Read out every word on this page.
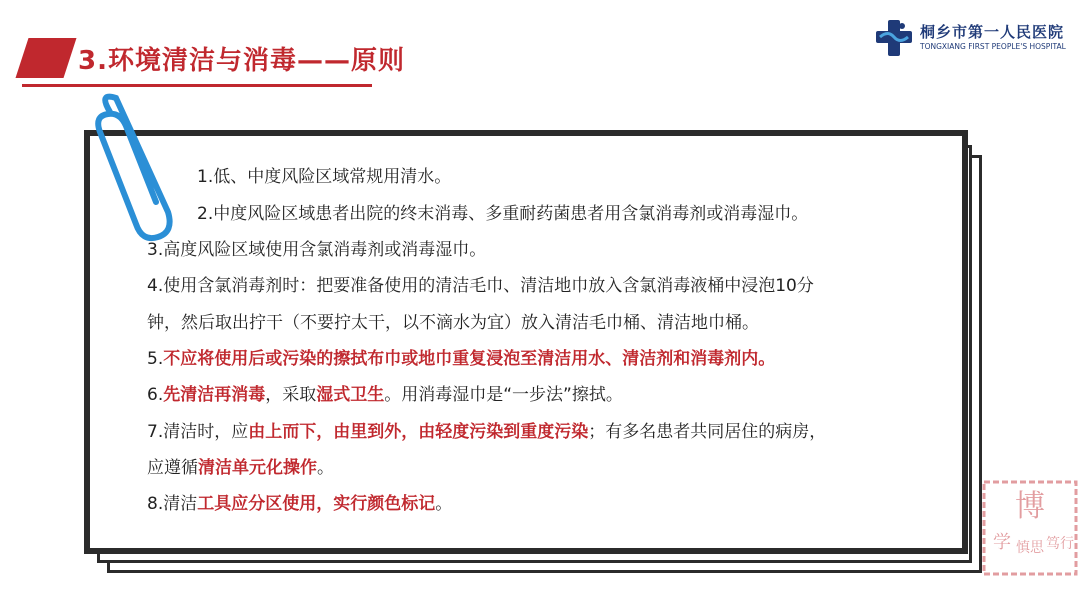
3.环境清洁与消毒——原则
桐乡市第一人民医院
TONGXIANG FIRST PEOPLE'S HOSPITAL
1.低、中度风险区域常规用清水。
2.中度风险区域患者出院的终末消毒、多重耐药菌患者用含氯消毒剂或消毒湿巾。
3.高度风险区域使用含氯消毒剂或消毒湿巾。
4.使用含氯消毒剂时：把要准备使用的清洁毛巾、清洁地巾放入含氯消毒液桶中浸泡10分
钟，然后取出拧干（不要拧太干，以不滴水为宜）放入清洁毛巾桶、清洁地巾桶。
5.不应将使用后或污染的擦拭布巾或地巾重复浸泡至清洁用水、清洁剂和消毒剂内。
6.先清洁再消毒，采取湿式卫生。用消毒湿巾是“一步法”擦拭。
7.清洁时，应由上而下，由里到外，由轻度污染到重度污染；有多名患者共同居住的病房，
应遵循清洁单元化操作。
8.清洁工具应分区使用，实行颜色标记。	博
学 慎思 笃行
